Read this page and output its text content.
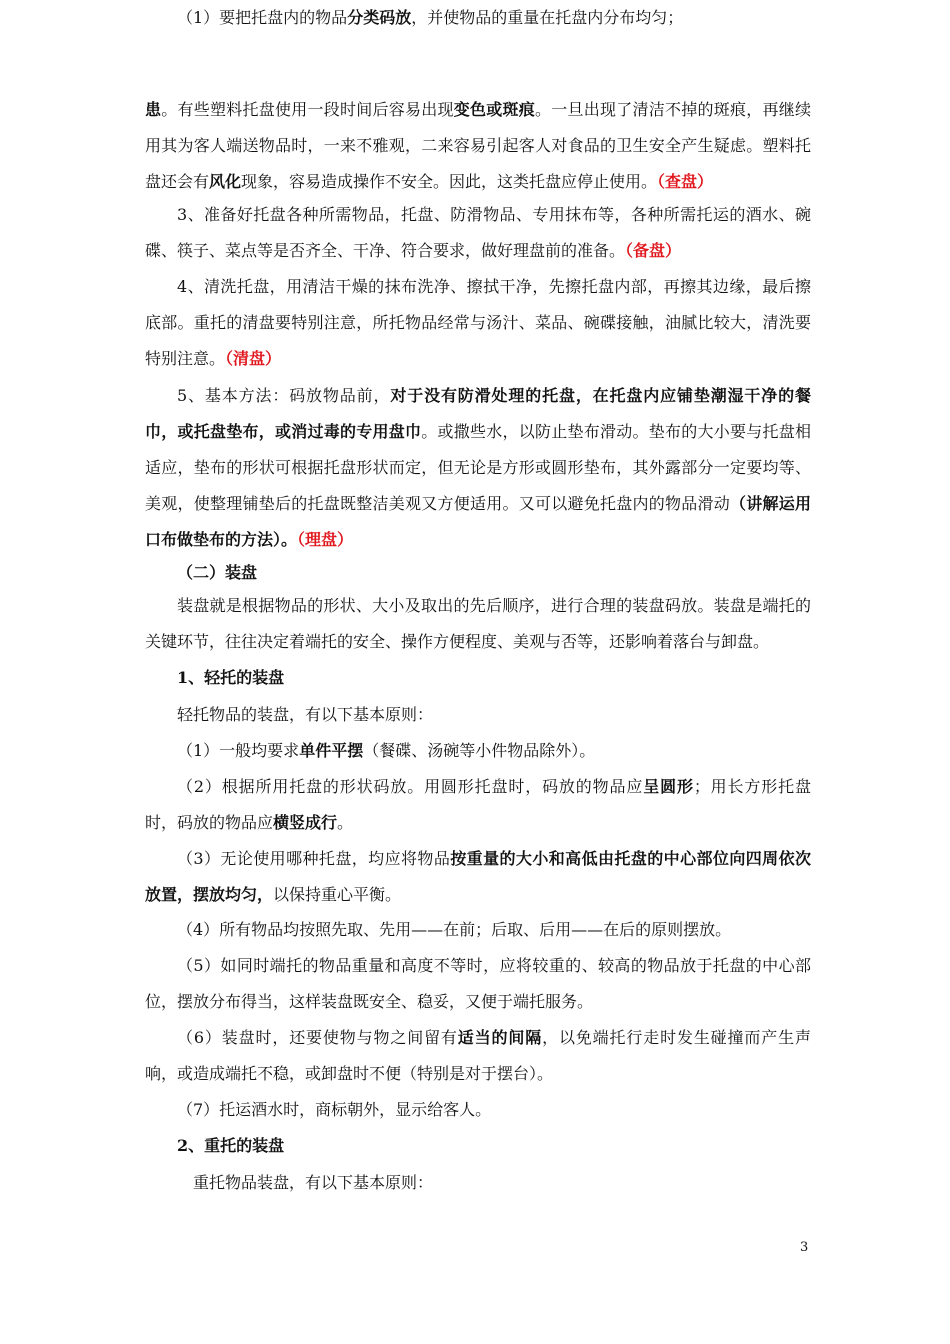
患。有些塑料托盘使用一段时间后容易出现变色或斑痕。一旦出现了清洁不掉的斑痕，再继续用其为客人端送物品时，一来不雅观，二来容易引起客人对食品的卫生安全产生疑虑。塑料托盘还会有风化现象，容易造成操作不安全。因此，这类托盘应停止使用。（查盘）

3、准备好托盘各种所需物品，托盘、防滑物品、专用抹布等，各种所需托运的酒水、碗碟、筷子、菜点等是否齐全、干净、符合要求，做好理盘前的准备。（备盘）

4、清洗托盘，用清洁干燥的抹布洗净、擦拭干净，先擦托盘内部，再擦其边缘，最后擦底部。重托的清盘要特别注意，所托物品经常与汤汁、菜品、碗碟接触，油腻比较大，清洗要特别注意。（清盘）

5、基本方法：码放物品前，对于没有防滑处理的托盘，在托盘内应铺垫潮湿干净的餐巾，或托盘垫布，或消过毒的专用盘巾。或撒些水，以防止垫布滑动。垫布的大小要与托盘相适应，垫布的形状可根据托盘形状而定，但无论是方形或圆形垫布，其外露部分一定要均等、美观，使整理铺垫后的托盘既整洁美观又方便适用。又可以避免托盘内的物品滑动（讲解运用口布做垫布的方法）。（理盘）

（二）装盘

装盘就是根据物品的形状、大小及取出的先后顺序，进行合理的装盘码放。装盘是端托的关键环节，往往决定着端托的安全、操作方便程度、美观与否等，还影响着落台与卸盘。

1、轻托的装盘

轻托物品的装盘，有以下基本原则：

（1）一般均要求单件平摆（餐碟、汤碗等小件物品除外）。

（2）根据所用托盘的形状码放。用圆形托盘时，码放的物品应呈圆形；用长方形托盘时，码放的物品应横竖成行。

（3）无论使用哪种托盘，均应将物品按重量的大小和高低由托盘的中心部位向四周依次放置，摆放均匀，以保持重心平衡。

（4）所有物品均按照先取、先用——在前；后取、后用——在后的原则摆放。

（5）如同时端托的物品重量和高度不等时，应将较重的、较高的物品放于托盘的中心部位，摆放分布得当，这样装盘既安全、稳妥，又便于端托服务。

（6）装盘时，还要使物与物之间留有适当的间隔，以免端托行走时发生碰撞而产生声响，或造成端托不稳，或卸盘时不便（特别是对于摆台）。

（7）托运酒水时，商标朝外，显示给客人。

2、重托的装盘

重托物品装盘，有以下基本原则：

（1）要把托盘内的物品分类码放，并使物品的重量在托盘内分布均匀；

3
